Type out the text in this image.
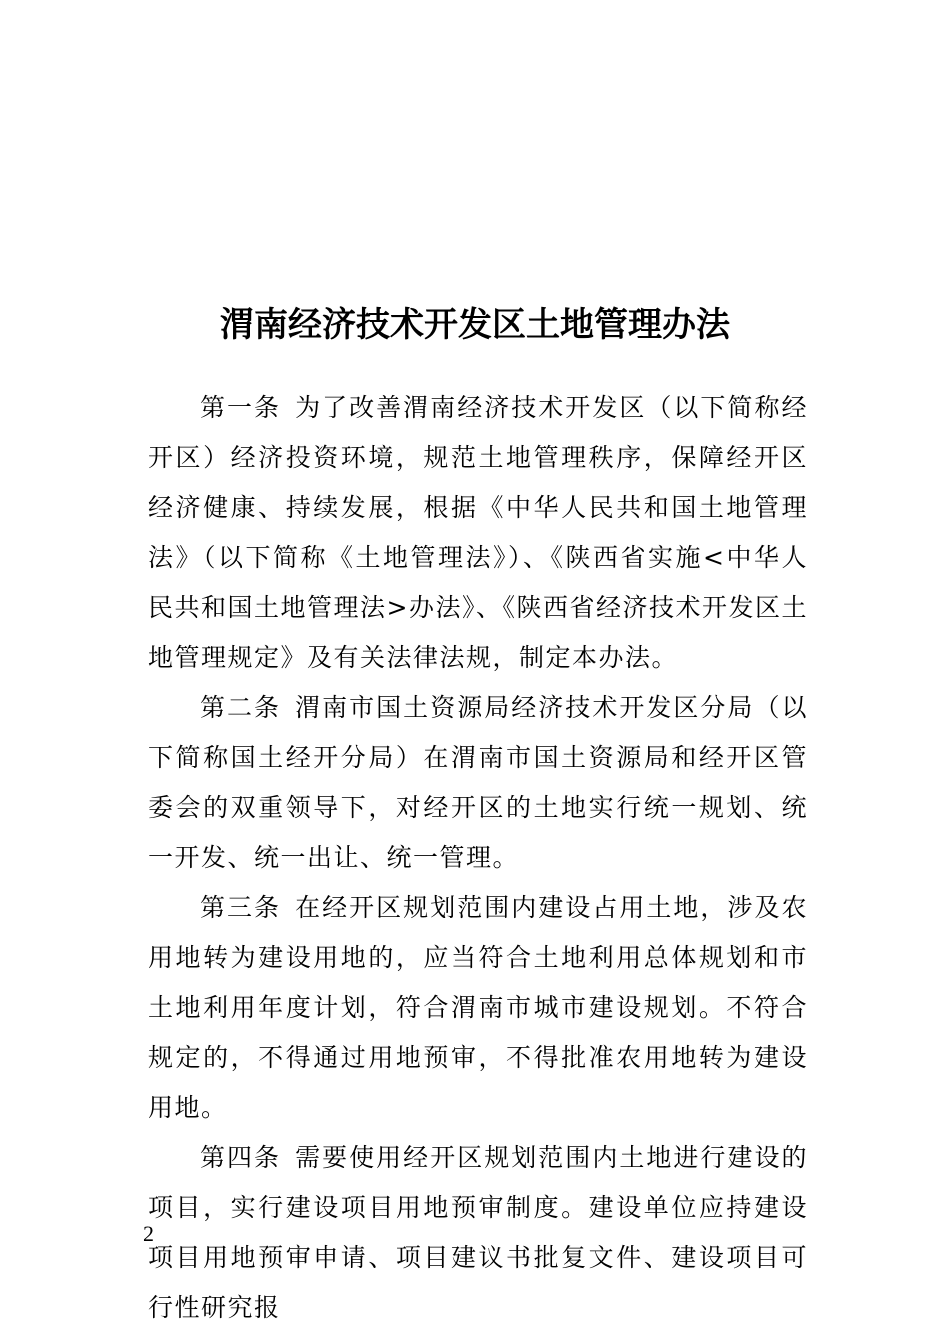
渭南经济技术开发区土地管理办法

第一条 为了改善渭南经济技术开发区（以下简称经开区）经济投资环境，规范土地管理秩序，保障经开区经济健康、持续发展，根据《中华人民共和国土地管理法》（以下简称《土地管理法》）、《陕西省实施<中华人民共和国土地管理法>办法》、《陕西省经济技术开发区土地管理规定》及有关法律法规，制定本办法。

第二条 渭南市国土资源局经济技术开发区分局（以下简称国土经开分局）在渭南市国土资源局和经开区管委会的双重领导下，对经开区的土地实行统一规划、统一开发、统一出让、统一管理。

第三条 在经开区规划范围内建设占用土地，涉及农用地转为建设用地的，应当符合土地利用总体规划和市土地利用年度计划，符合渭南市城市建设规划。不符合规定的，不得通过用地预审，不得批准农用地转为建设用地。

第四条 需要使用经开区规划范围内土地进行建设的项目，实行建设项目用地预审制度。建设单位应持建设项目用地预审申请、项目建议书批复文件、建设项目可行性研究报

2
